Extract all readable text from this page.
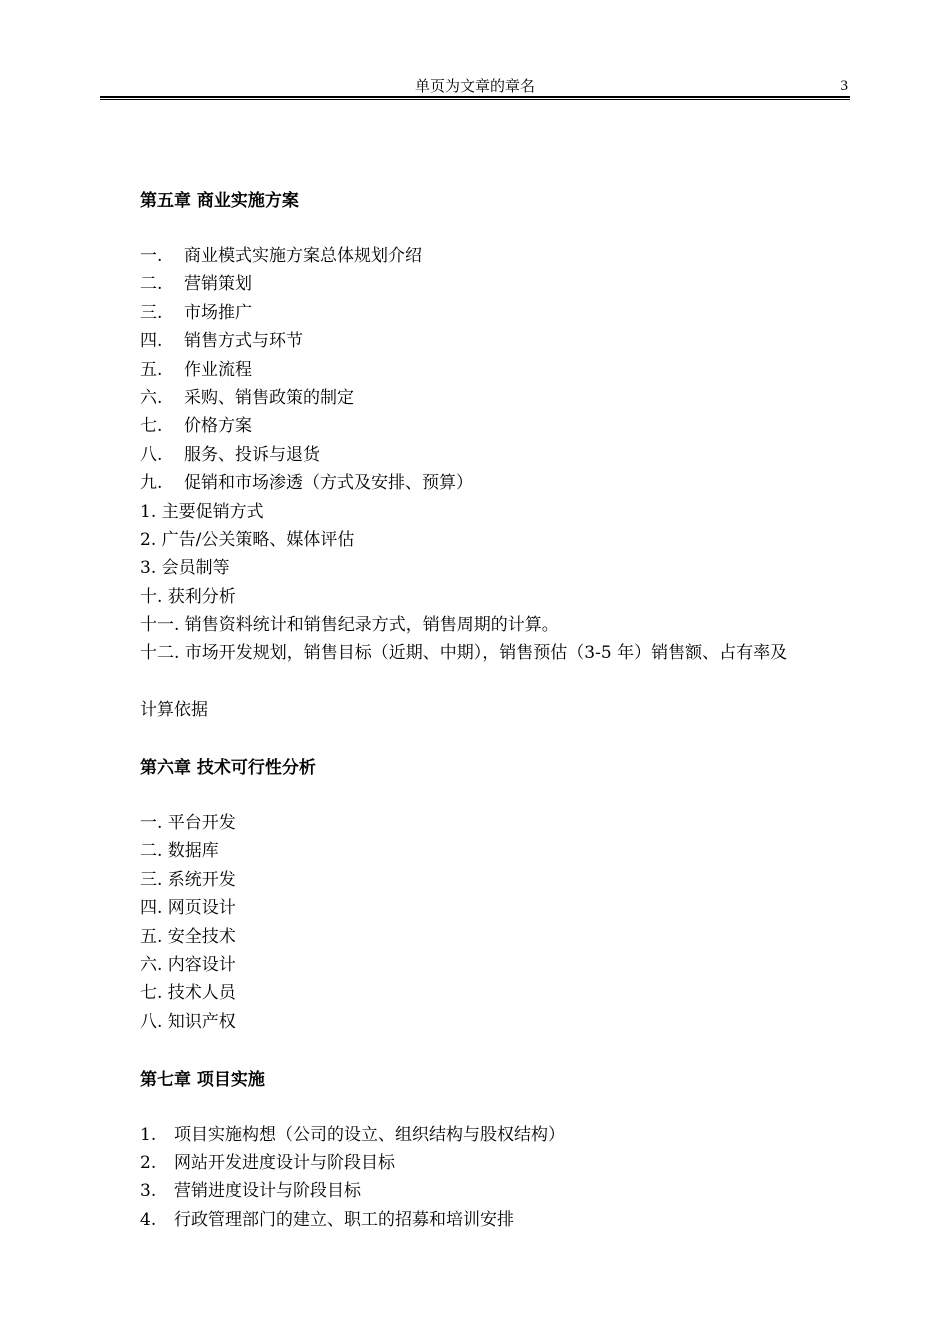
单页为文章的章名	3
第五章 商业实施方案
一. 商业模式实施方案总体规划介绍
二. 营销策划
三. 市场推广
四. 销售方式与环节
五. 作业流程
六. 采购、销售政策的制定
七. 价格方案
八. 服务、投诉与退货
九. 促销和市场渗透（方式及安排、预算）
1. 主要促销方式
2. 广告/公关策略、媒体评估
3. 会员制等
十. 获利分析
十一. 销售资料统计和销售纪录方式，销售周期的计算。
十二. 市场开发规划，销售目标（近期、中期），销售预估（3-5 年）销售额、占有率及
计算依据
第六章 技术可行性分析
一. 平台开发
二. 数据库
三. 系统开发
四. 网页设计
五. 安全技术
六. 内容设计
七. 技术人员
八. 知识产权
第七章 项目实施
1. 项目实施构想（公司的设立、组织结构与股权结构）
2. 网站开发进度设计与阶段目标
3. 营销进度设计与阶段目标
4. 行政管理部门的建立、职工的招募和培训安排
